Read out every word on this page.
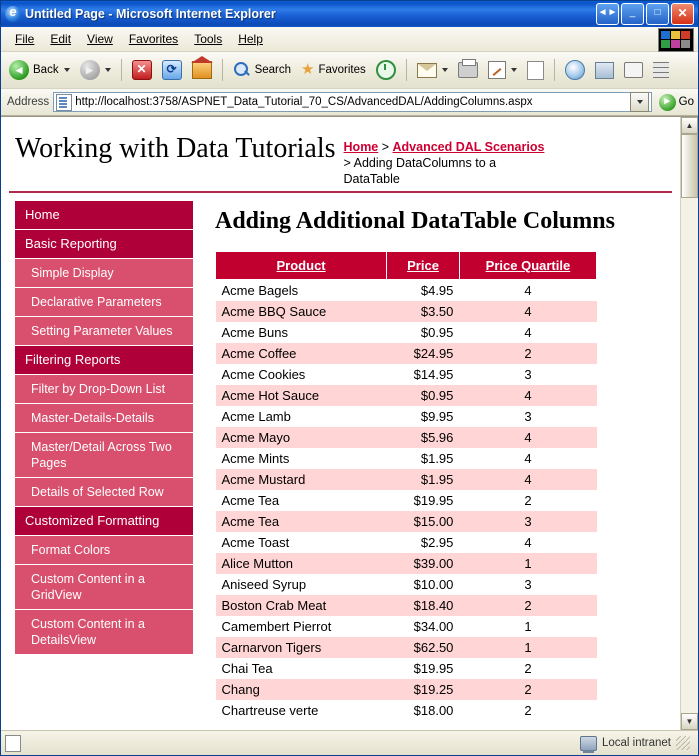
e
Untitled Page - Microsoft Internet Explorer	◄►	_	□	✕
File	Edit	View	Favorites	Tools	Help
◄ Back	►	✕	⟳	Search ★ Favorites
Address http://localhost:3758/ASPNET_Data_Tutorial_70_CS/AdvancedDAL/AddingColumns.aspx	► Go
Working with Data Tutorials Home > Advanced DAL Scenarios > Adding DataColumns to a DataTable
Home
Basic Reporting
Simple Display
Declarative Parameters
Setting Parameter Values
Filtering Reports
Filter by Drop-Down List
Master-Details-Details
Master/Detail Across Two Pages
Details of Selected Row
Customized Formatting
Format Colors
Custom Content in a GridView
Custom Content in a DetailsView
Adding Additional DataTable Columns
Product	Price	Price Quartile
Acme Bagels	$4.95	4
Acme BBQ Sauce	$3.50	4
Acme Buns	$0.95	4
Acme Coffee	$24.95	2
Acme Cookies	$14.95	3
Acme Hot Sauce	$0.95	4
Acme Lamb	$9.95	3
Acme Mayo	$5.96	4
Acme Mints	$1.95	4
Acme Mustard	$1.95	4
Acme Tea	$19.95	2
Acme Tea	$15.00	3
Acme Toast	$2.95	4
Alice Mutton	$39.00	1
Aniseed Syrup	$10.00	3
Boston Crab Meat	$18.40	2
Camembert Pierrot	$34.00	1
Carnarvon Tigers	$62.50	1
Chai Tea	$19.95	2
Chang	$19.25	2
Chartreuse verte	$18.00	2
▲
▼
Local intranet
